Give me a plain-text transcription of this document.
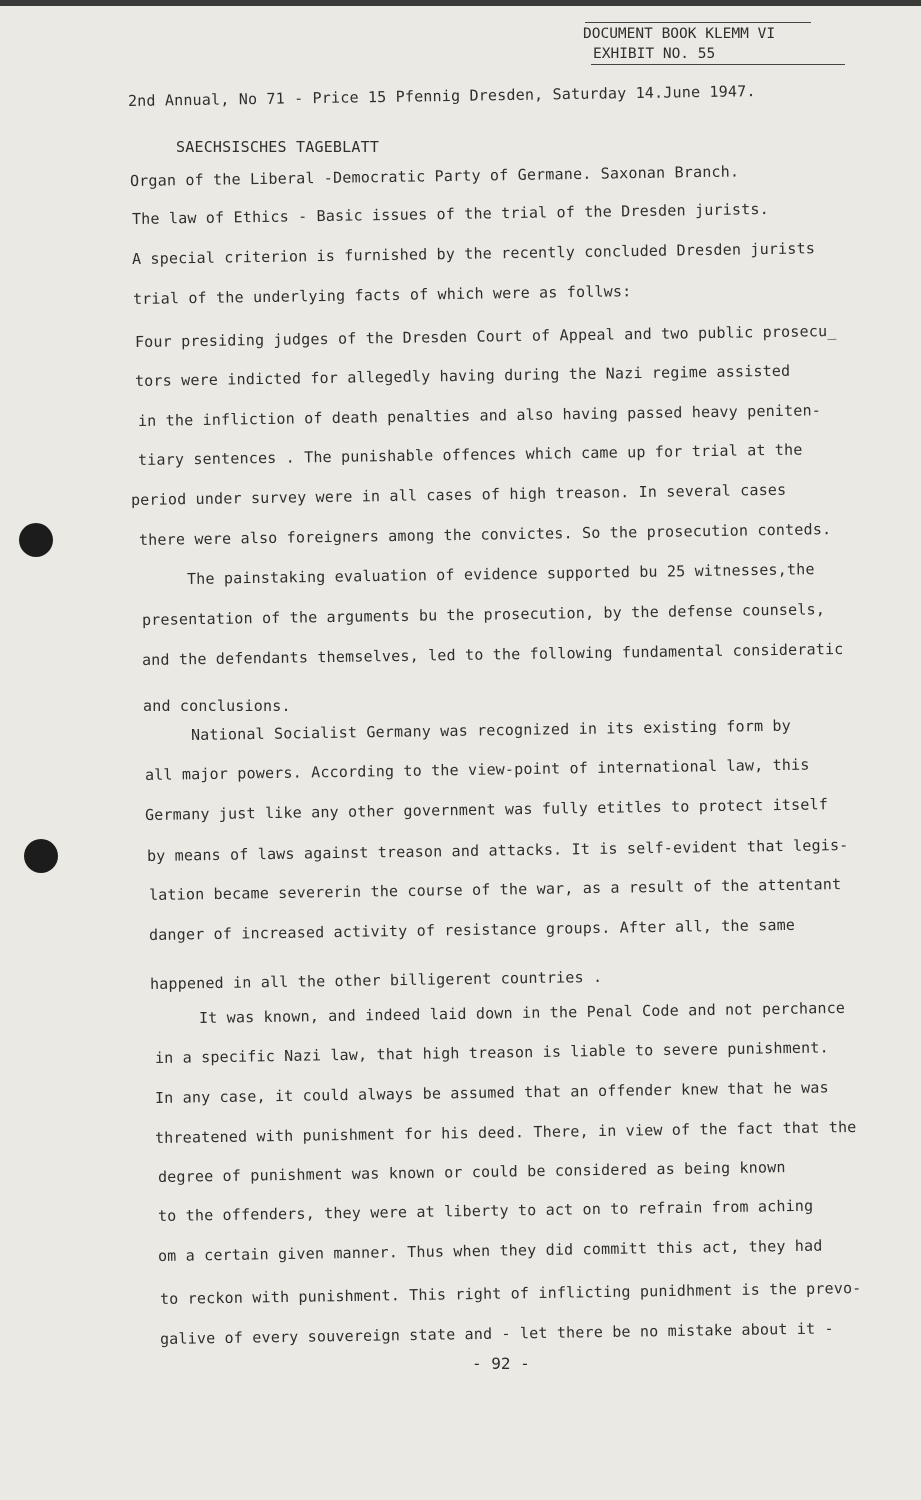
DOCUMENT BOOK KLEMM VI
EXHIBIT NO. 55
2nd Annual, No 71 - Price 15 Pfennig Dresden, Saturday 14.June 1947.
SAECHSISCHES TAGEBLATT
Organ of the Liberal -Democratic Party of Germane. Saxonan Branch.
The law of Ethics - Basic issues of the trial of the Dresden jurists.
A special criterion is furnished by the recently concluded Dresden jurists
trial of the underlying facts of which were as follws:
Four presiding judges of the Dresden Court of Appeal and two public prosecu_
tors were indicted for allegedly having during the Nazi regime assisted
in the infliction of death penalties and also having passed heavy peniten-
tiary sentences . The punishable offences which came up for trial at the
period under survey were in all cases of high treason. In several cases
there were also foreigners among the convictes. So the prosecution conteds.
The painstaking evaluation of evidence supported bu 25 witnesses,the
presentation of the arguments bu the prosecution, by the defense counsels,
and the defendants themselves, led to the following fundamental consideratic
and conclusions.
National Socialist Germany was recognized in its existing form by
all major powers. According to the view-point of international law, this
Germany just like any other government was fully etitles to protect itself
by means of laws against treason and attacks. It is self-evident that legis-
lation became severerin the course of the war, as a result of the attentant
danger of increased activity of resistance groups. After all, the same
happened in all the other billigerent countries .
It was known, and indeed laid down in the Penal Code and not perchance
in a specific Nazi law, that high treason is liable to severe punishment.
In any case, it could always be assumed that an offender knew that he was
threatened with punishment for his deed. There, in view of the fact that the
degree of punishment was known or could be considered as being known
to the offenders, they were at liberty to act on to refrain from aching
om a certain given manner. Thus when they did committ this act, they had
to reckon with punishment. This right of inflicting punidhment is the prevo-
galive of every souvereign state and - let there be no mistake about it -
- 92 -
